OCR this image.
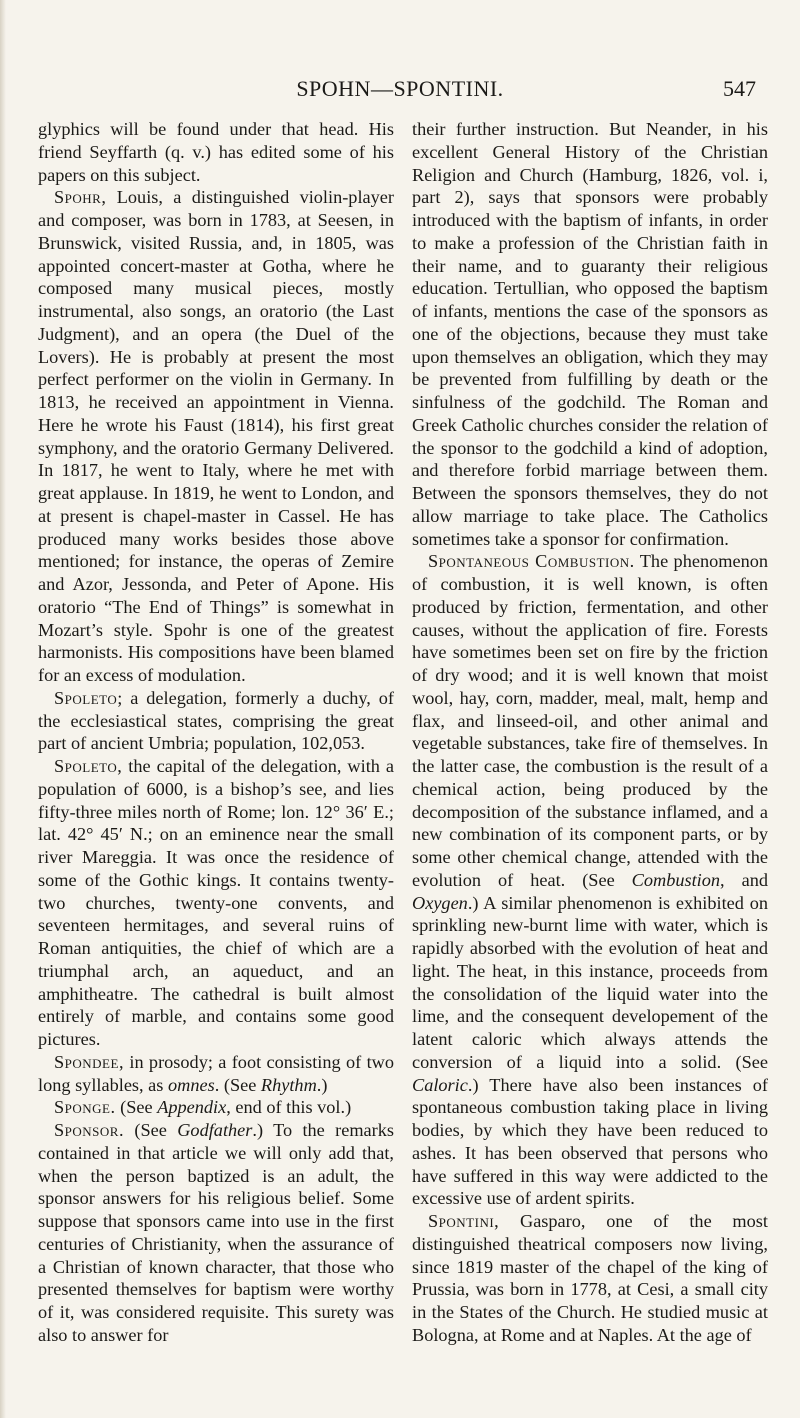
SPOHN—SPONTINI.	547

glyphics will be found under that head. His friend Seyffarth (q. v.) has edited some of his papers on this subject.

Spohr, Louis, a distinguished violin-player and composer, was born in 1783, at Seesen, in Brunswick, visited Russia, and, in 1805, was appointed concert-master at Gotha, where he composed many musical pieces, mostly instrumental, also songs, an oratorio (the Last Judgment), and an opera (the Duel of the Lovers). He is probably at present the most perfect performer on the violin in Germany. In 1813, he received an appointment in Vienna. Here he wrote his Faust (1814), his first great symphony, and the oratorio Germany Delivered. In 1817, he went to Italy, where he met with great applause. In 1819, he went to London, and at present is chapel-master in Cassel. He has produced many works besides those above mentioned; for instance, the operas of Zemire and Azor, Jessonda, and Peter of Apone. His oratorio “The End of Things” is somewhat in Mozart’s style. Spohr is one of the greatest harmonists. His compositions have been blamed for an excess of modulation.

Spoleto; a delegation, formerly a duchy, of the ecclesiastical states, comprising the great part of ancient Umbria; population, 102,053.

Spoleto, the capital of the delegation, with a population of 6000, is a bishop’s see, and lies fifty-three miles north of Rome; lon. 12° 36′ E.; lat. 42° 45′ N.; on an eminence near the small river Mareggia. It was once the residence of some of the Gothic kings. It contains twenty-two churches, twenty-one convents, and seventeen hermitages, and several ruins of Roman antiquities, the chief of which are a triumphal arch, an aqueduct, and an amphitheatre. The cathedral is built almost entirely of marble, and contains some good pictures.

Spondee, in prosody; a foot consisting of two long syllables, as omnes. (See Rhythm.)

Sponge. (See Appendix, end of this vol.)

Sponsor. (See Godfather.) To the remarks contained in that article we will only add that, when the person baptized is an adult, the sponsor answers for his religious belief. Some suppose that sponsors came into use in the first centuries of Christianity, when the assurance of a Christian of known character, that those who presented themselves for baptism were worthy of it, was considered requisite. This surety was also to answer for

their further instruction. But Neander, in his excellent General History of the Christian Religion and Church (Hamburg, 1826, vol. i, part 2), says that sponsors were probably introduced with the baptism of infants, in order to make a profession of the Christian faith in their name, and to guaranty their religious education. Tertullian, who opposed the baptism of infants, mentions the case of the sponsors as one of the objections, because they must take upon themselves an obligation, which they may be prevented from fulfilling by death or the sinfulness of the godchild. The Roman and Greek Catholic churches consider the relation of the sponsor to the godchild a kind of adoption, and therefore forbid marriage between them. Between the sponsors themselves, they do not allow marriage to take place. The Catholics sometimes take a sponsor for confirmation.

Spontaneous Combustion. The phenomenon of combustion, it is well known, is often produced by friction, fermentation, and other causes, without the application of fire. Forests have sometimes been set on fire by the friction of dry wood; and it is well known that moist wool, hay, corn, madder, meal, malt, hemp and flax, and linseed-oil, and other animal and vegetable substances, take fire of themselves. In the latter case, the combustion is the result of a chemical action, being produced by the decomposition of the substance inflamed, and a new combination of its component parts, or by some other chemical change, attended with the evolution of heat. (See Combustion, and Oxygen.) A similar phenomenon is exhibited on sprinkling new-burnt lime with water, which is rapidly absorbed with the evolution of heat and light. The heat, in this instance, proceeds from the consolidation of the liquid water into the lime, and the consequent developement of the latent caloric which always attends the conversion of a liquid into a solid. (See Caloric.) There have also been instances of spontaneous combustion taking place in living bodies, by which they have been reduced to ashes. It has been observed that persons who have suffered in this way were addicted to the excessive use of ardent spirits.

Spontini, Gasparo, one of the most distinguished theatrical composers now living, since 1819 master of the chapel of the king of Prussia, was born in 1778, at Cesi, a small city in the States of the Church. He studied music at Bologna, at Rome and at Naples. At the age of
